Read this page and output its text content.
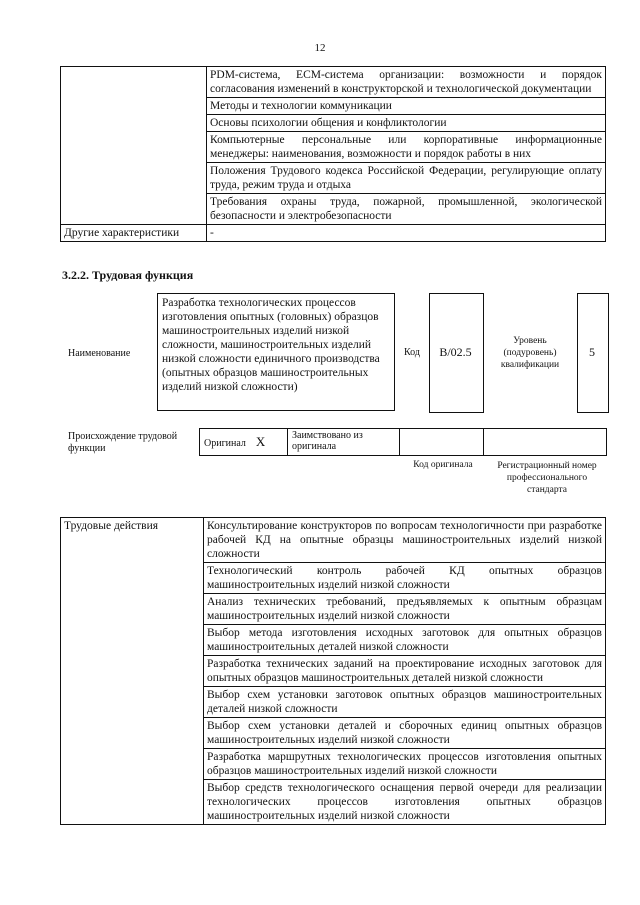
12
	PDM-система, ECM-система организации: возможности и порядок согласования изменений в конструкторской и технологической документации
	Методы и технологии коммуникации
	Основы психологии общения и конфликтологии
	Компьютерные персональные или корпоративные информационные менеджеры: наименования, возможности и порядок работы в них
	Положения Трудового кодекса Российской Федерации, регулирующие оплату труда, режим труда и отдыха
	Требования охраны труда, пожарной, промышленной, экологической безопасности и электробезопасности
Другие характеристики	-
3.2.2. Трудовая функция
Наименование
Разработка технологических процессов изготовления опытных (головных) образцов машиностроительных изделий низкой сложности, машиностроительных изделий низкой сложности единичного производства (опытных образцов машиностроительных изделий низкой сложности)
Код	B/02.5
Уровень (подуровень) квалификации
5
Происхождение трудовой функции	Оригинал X	Заимствовано из оригинала		
Код оригинала	Регистрационный номер профессионального стандарта
Трудовые действия	Консультирование конструкторов по вопросам технологичности при разработке рабочей КД на опытные образцы машиностроительных изделий низкой сложности
Технологический контроль рабочей КД опытных образцов машиностроительных изделий низкой сложности
Анализ технических требований, предъявляемых к опытным образцам машиностроительных изделий низкой сложности
Выбор метода изготовления исходных заготовок для опытных образцов машиностроительных деталей низкой сложности
Разработка технических заданий на проектирование исходных заготовок для опытных образцов машиностроительных деталей низкой сложности
Выбор схем установки заготовок опытных образцов машиностроительных деталей низкой сложности
Выбор схем установки деталей и сборочных единиц опытных образцов машиностроительных изделий низкой сложности
Разработка маршрутных технологических процессов изготовления опытных образцов машиностроительных изделий низкой сложности
Выбор средств технологического оснащения первой очереди для реализации технологических процессов изготовления опытных образцов машиностроительных изделий низкой сложности
